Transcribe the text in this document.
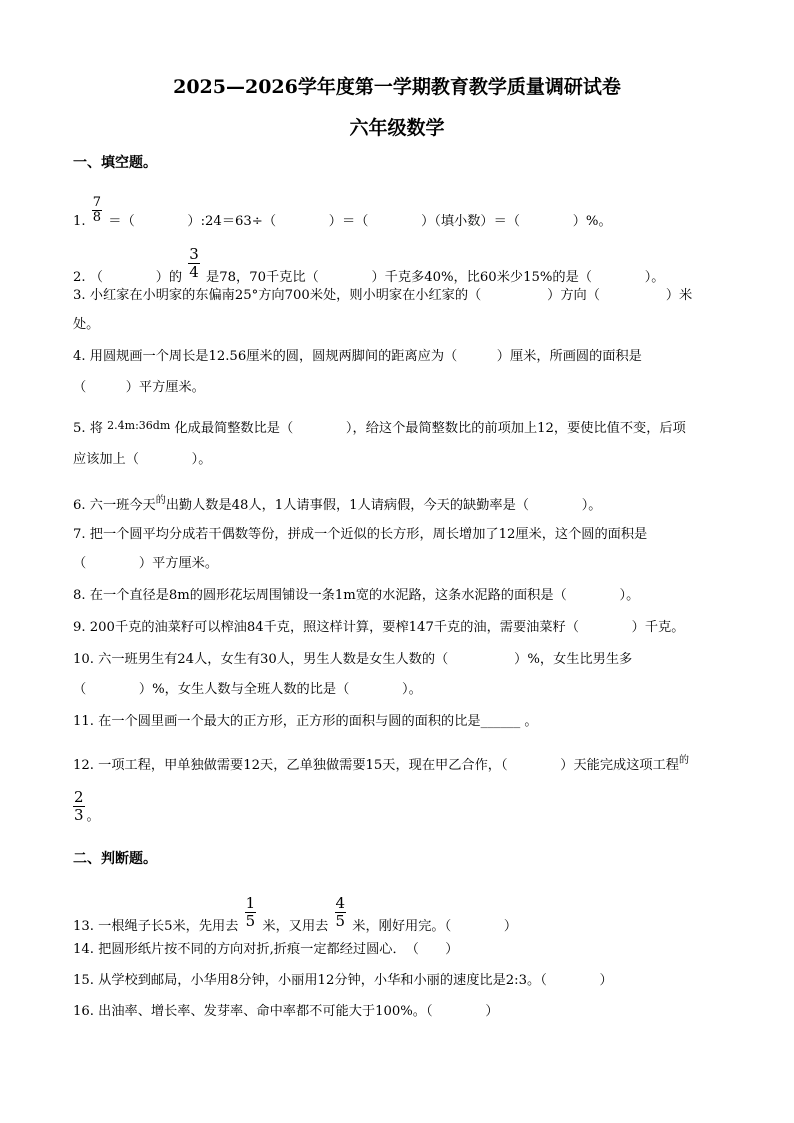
2025—2026学年度第一学期教育教学质量调研试卷
六年级数学
一、填空题。
1. $\frac{7}{8}$ ＝（　　　　）:24＝63÷（　　　　）＝（　　　　）（填小数）＝（　　　　）%。
2. （　　　　）的 $\frac{3}{4}$ 是78，70千克比（　　　　）千克多40%，比60米少15%的是（　　　　）。
3. 小红家在小明家的东偏南25°方向700米处，则小明家在小红家的（　　　　　）方向（　　　　　）米
处。
4. 用圆规画一个周长是12.56厘米的圆，圆规两脚间的距离应为（　　　）厘米，所画圆的面积是
（　　　）平方厘米。
5. 将 $^{2.4m:36dm}$ 化成最简整数比是（　　　　），给这个最简整数比的前项加上12，要使比值不变，后项
应该加上（　　　　）。
6. 六一班今天$^的$出勤人数是48人，1人请事假，1人请病假，今天的缺勤率是（　　　　）。
7. 把一个圆平均分成若干偶数等份，拼成一个近似的长方形，周长增加了12厘米，这个圆的面积是
（　　　　）平方厘米。
8. 在一个直径是8m的圆形花坛周围铺设一条1m宽的水泥路，这条水泥路的面积是（　　　　）。
9. 200千克的油菜籽可以榨油84千克，照这样计算，要榨147千克的油，需要油菜籽（　　　　）千克。
10. 六一班男生有24人，女生有30人，男生人数是女生人数的（　　　　　）%，女生比男生多
（　　　　）%，女生人数与全班人数的比是（　　　　）。
11. 在一个圆里画一个最大的正方形，正方形的面积与圆的面积的比是______ 。
12. 一项工程，甲单独做需要12天，乙单独做需要15天，现在甲乙合作，（　　　　）天能完成这项工程$^的$
$\frac{2}{3}$ 。
二、判断题。
13. 一根绳子长5米，先用去 $\frac{1}{5}$ 米，又用去 $\frac{4}{5}$ 米，刚好用完。（　　　　）
14. 把圆形纸片按不同的方向对折,折痕一定都经过圆心．　（　　）
15. 从学校到邮局，小华用8分钟，小丽用12分钟，小华和小丽的速度比是2:3。（　　　　）
16. 出油率、增长率、发芽率、命中率都不可能大于100%。（　　　　）
